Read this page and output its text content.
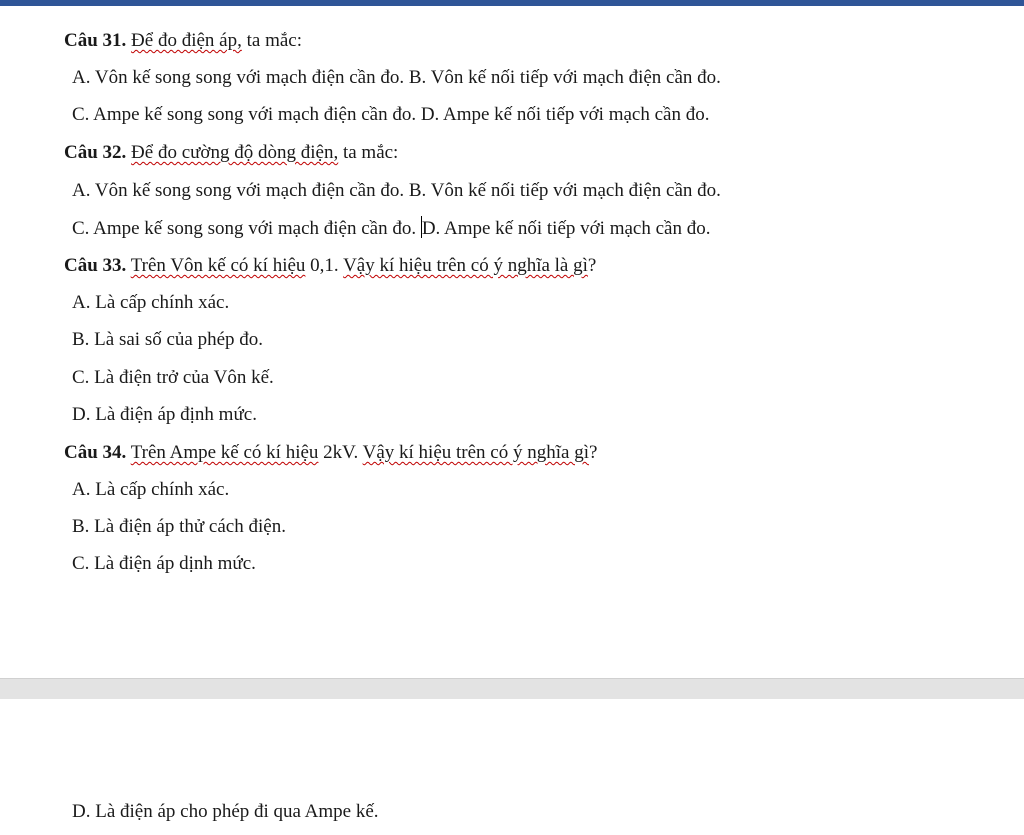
Câu 31. Để đo điện áp, ta mắc:
A. Vôn kế song song với mạch điện cần đo. B. Vôn kế nối tiếp với mạch điện cần đo.
C. Ampe kế song song với mạch điện cần đo. D. Ampe kế nối tiếp với mạch cần đo.
Câu 32. Để đo cường độ dòng điện, ta mắc:
A. Vôn kế song song với mạch điện cần đo. B. Vôn kế nối tiếp với mạch điện cần đo.
C. Ampe kế song song với mạch điện cần đo. D. Ampe kế nối tiếp với mạch cần đo.
Câu 33. Trên Vôn kế có kí hiệu 0,1. Vậy kí hiệu trên có ý nghĩa là gì?
A. Là cấp chính xác.
B. Là sai số của phép đo.
C. Là điện trở của Vôn kế.
D. Là điện áp định mức.
Câu 34. Trên Ampe kế có kí hiệu 2kV. Vậy kí hiệu trên có ý nghĩa gì?
A. Là cấp chính xác.
B. Là điện áp thử cách điện.
C. Là điện áp dịnh mức.
D. Là điện áp cho phép đi qua Ampe kế.
